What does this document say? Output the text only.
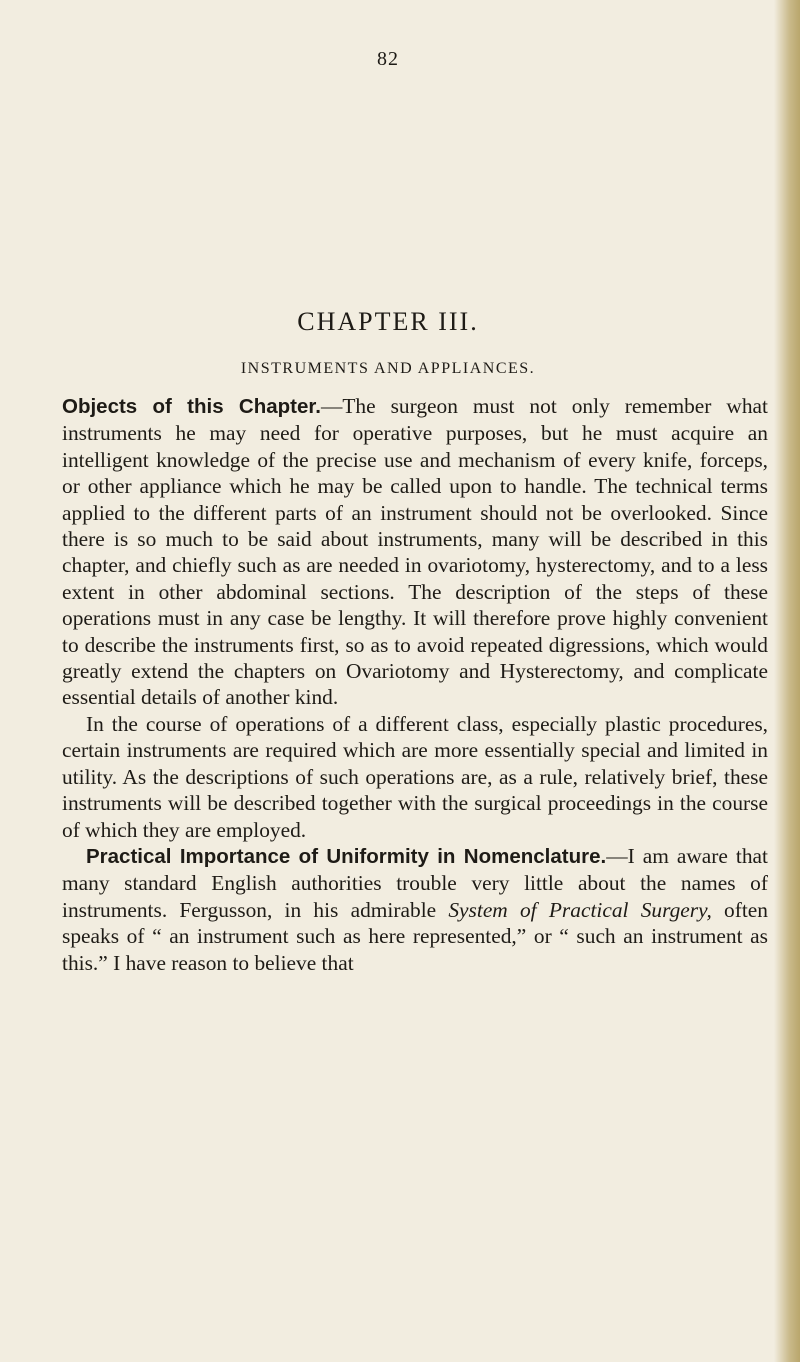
82
CHAPTER III.
INSTRUMENTS AND APPLIANCES.

Objects of this Chapter.—The surgeon must not only remember what instruments he may need for operative purposes, but he must acquire an intelligent knowledge of the precise use and mechanism of every knife, forceps, or other appliance which he may be called upon to handle. The technical terms applied to the different parts of an instrument should not be overlooked. Since there is so much to be said about instruments, many will be described in this chapter, and chiefly such as are needed in ovariotomy, hysterectomy, and to a less extent in other abdominal sections. The description of the steps of these operations must in any case be lengthy. It will therefore prove highly convenient to describe the instruments first, so as to avoid repeated digressions, which would greatly extend the chapters on Ovariotomy and Hysterectomy, and complicate essential details of another kind.

In the course of operations of a different class, especially plastic procedures, certain instruments are required which are more essentially special and limited in utility. As the descriptions of such operations are, as a rule, relatively brief, these instruments will be described together with the surgical proceedings in the course of which they are employed.

Practical Importance of Uniformity in Nomenclature.—I am aware that many standard English authorities trouble very little about the names of instruments. Fergusson, in his admirable System of Practical Surgery, often speaks of “ an instrument such as here represented,” or “ such an instrument as this.” I have reason to believe that
